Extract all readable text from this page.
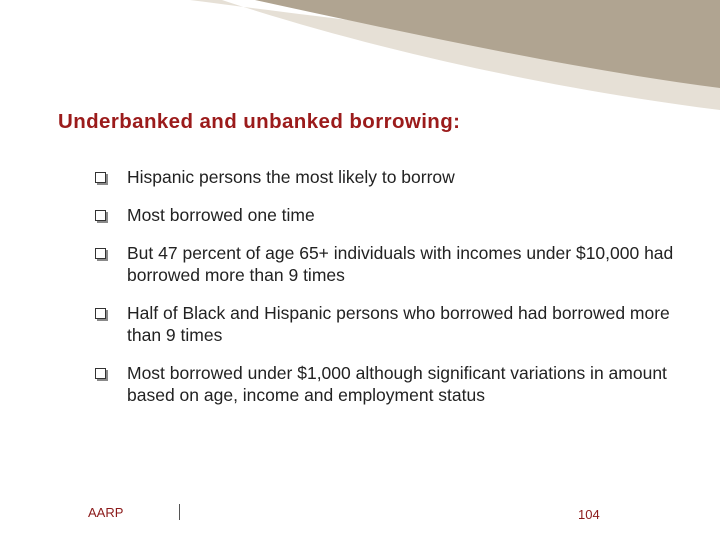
Underbanked and unbanked borrowing:
Hispanic persons the most likely to borrow
Most borrowed one time
But 47 percent of age 65+ individuals with incomes under $10,000 had borrowed more than 9 times
Half of Black and Hispanic persons who borrowed had borrowed more than 9 times
Most borrowed under $1,000 although significant variations in amount based on age, income and employment status
AARP	104
